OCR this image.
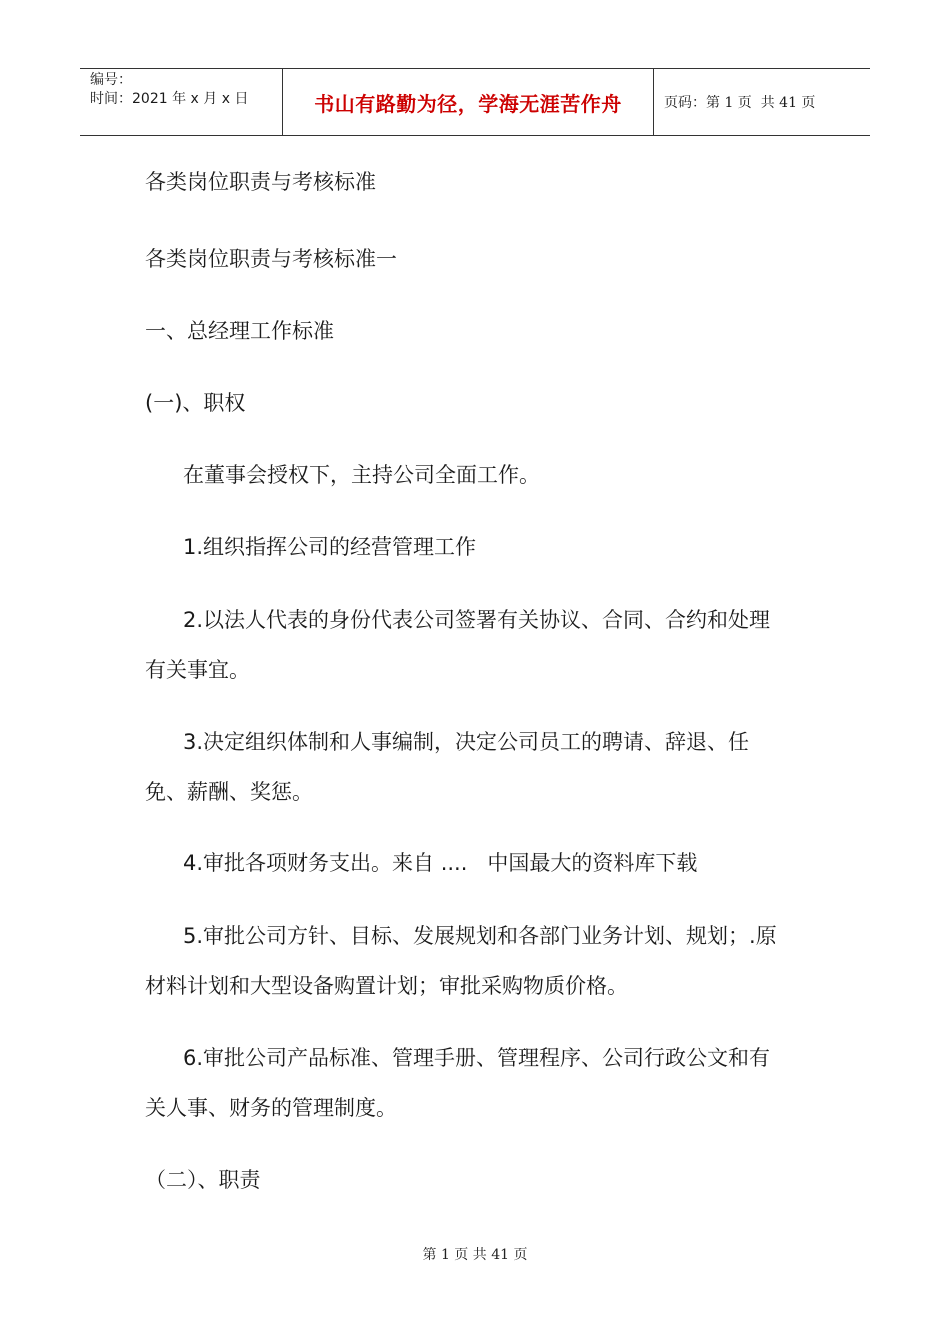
编号：
时间：2021 年 x 月 x 日	书山有路勤为径，学海无涯苦作舟	页码：第 1 页  共 41 页

各类岗位职责与考核标准

各类岗位职责与考核标准一

一、总经理工作标准

(一)、职权

在董事会授权下，主持公司全面工作。

1.组织指挥公司的经营管理工作

2.以法人代表的身份代表公司签署有关协议、合同、合约和处理

有关事宜。

3.决定组织体制和人事编制，决定公司员工的聘请、辞退、任

免、薪酬、奖惩。

4.审批各项财务支出。来自 ....   中国最大的资料库下载

5.审批公司方针、目标、发展规划和各部门业务计划、规划；.原

材料计划和大型设备购置计划；审批采购物质价格。

6.审批公司产品标准、管理手册、管理程序、公司行政公文和有

关人事、财务的管理制度。

（二）、职责

第 1 页 共 41 页
